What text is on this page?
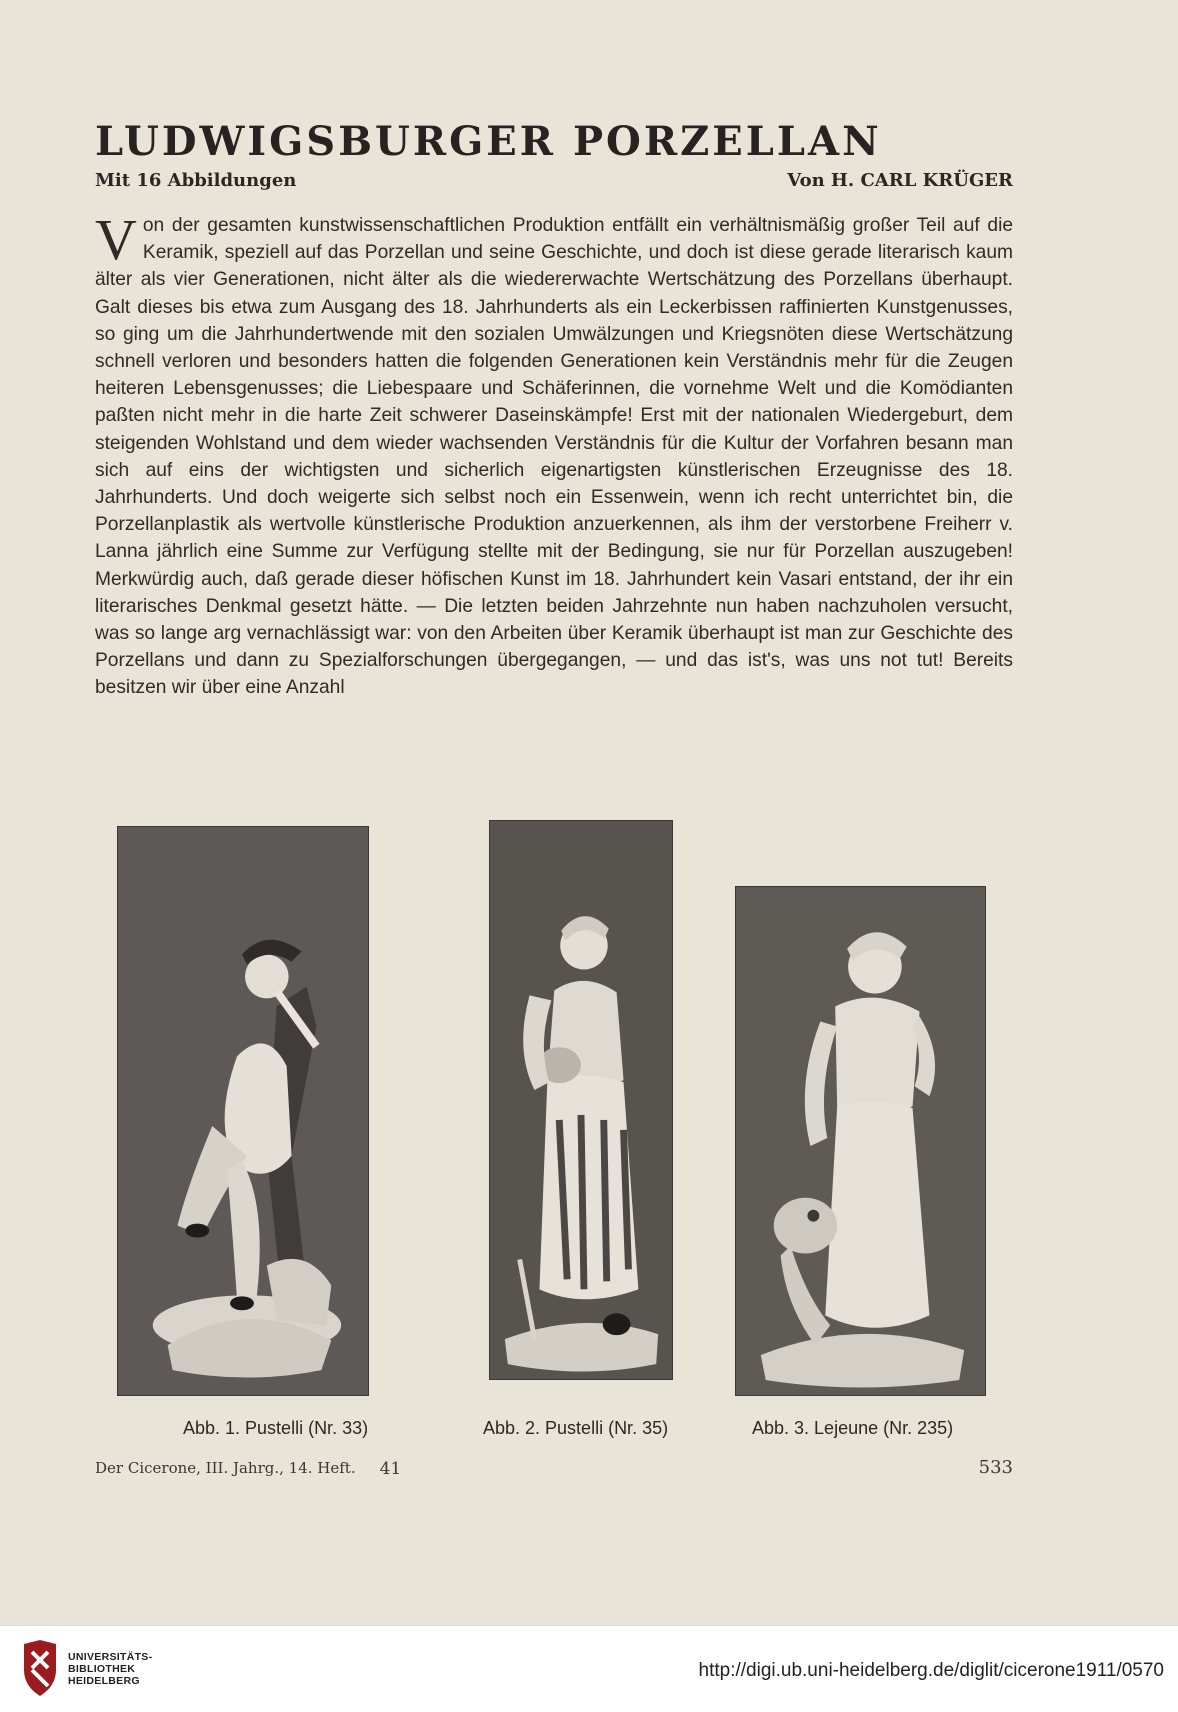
LUDWIGSBURGER PORZELLAN
Mit 16 Abbildungen	Von H. CARL KRÜGER
Von der gesamten kunstwissenschaftlichen Produktion entfällt ein verhältnismäßig großer Teil auf die Keramik, speziell auf das Porzellan und seine Geschichte, und doch ist diese gerade literarisch kaum älter als vier Generationen, nicht älter als die wiedererwachte Wertschätzung des Porzellans überhaupt. Galt dieses bis etwa zum Ausgang des 18. Jahrhunderts als ein Leckerbissen raffinierten Kunstgenusses, so ging um die Jahrhundertwende mit den sozialen Umwälzungen und Kriegsnöten diese Wertschätzung schnell verloren und besonders hatten die folgenden Generationen kein Verständnis mehr für die Zeugen heiteren Lebensgenusses; die Liebespaare und Schäferinnen, die vornehme Welt und die Komödianten paßten nicht mehr in die harte Zeit schwerer Daseinskämpfe! Erst mit der nationalen Wiedergeburt, dem steigenden Wohlstand und dem wieder wachsenden Verständnis für die Kultur der Vorfahren besann man sich auf eins der wichtigsten und sicherlich eigenartigsten künstlerischen Erzeugnisse des 18. Jahrhunderts. Und doch weigerte sich selbst noch ein Essenwein, wenn ich recht unterrichtet bin, die Porzellanplastik als wertvolle künstlerische Produktion anzuerkennen, als ihm der verstorbene Freiherr v. Lanna jährlich eine Summe zur Verfügung stellte mit der Bedingung, sie nur für Porzellan auszugeben! Merkwürdig auch, daß gerade dieser höfischen Kunst im 18. Jahrhundert kein Vasari entstand, der ihr ein literarisches Denkmal gesetzt hätte. — Die letzten beiden Jahrzehnte nun haben nachzuholen versucht, was so lange arg vernachlässigt war: von den Arbeiten über Keramik überhaupt ist man zur Geschichte des Porzellans und dann zu Spezialforschungen übergegangen, — und das ist's, was uns not tut! Bereits besitzen wir über eine Anzahl
Abb. 1. Pustelli (Nr. 33)	Abb. 2. Pustelli (Nr. 35)	Abb. 3. Lejeune (Nr. 235)
Der Cicerone, III. Jahrg., 14. Heft. 41	533
UNIVERSITÄTS-
BIBLIOTHEK
HEIDELBERG	http://digi.ub.uni-heidelberg.de/diglit/cicerone1911/0570
